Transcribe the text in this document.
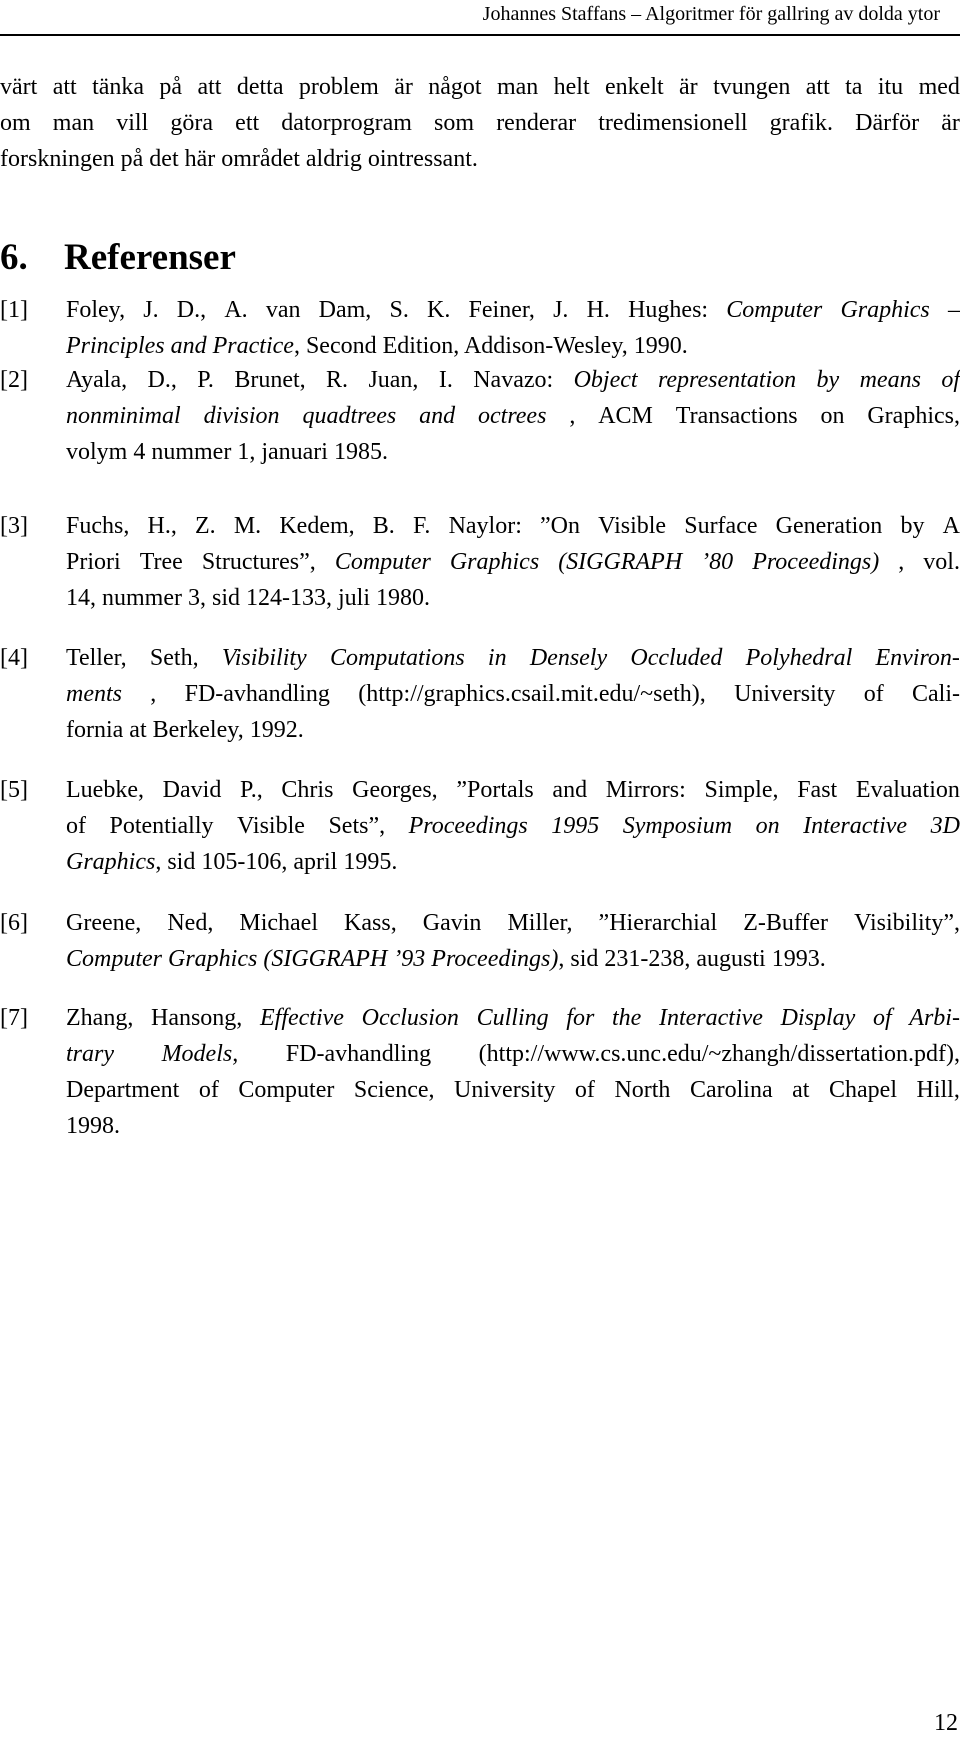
Johannes Staffans – Algoritmer för gallring av dolda ytor

värt att tänka på att detta problem är något man helt enkelt är tvungen att ta itu med
om man vill göra ett datorprogram som renderar tredimensionell grafik. Därför är
forskningen på det här området aldrig ointressant.

6. Referenser
[1] Foley, J. D., A. van Dam, S. K. Feiner, J. H. Hughes: Computer Graphics –
Principles and Practice, Second Edition, Addison-Wesley, 1990.
[2] Ayala, D., P. Brunet, R. Juan, I. Navazo: Object representation by means of
nonminimal division quadtrees and octrees , ACM Transactions on Graphics,
volym 4 nummer 1, januari 1985.
[3] Fuchs, H., Z. M. Kedem, B. F. Naylor: ”On Visible Surface Generation by A
Priori Tree Structures”, Computer Graphics (SIGGRAPH ’80 Proceedings) , vol.
14, nummer 3, sid 124-133, juli 1980.
[4] Teller, Seth, Visibility Computations in Densely Occluded Polyhedral Environ-
ments , FD-avhandling (http://graphics.csail.mit.edu/~seth), University of Cali-
fornia at Berkeley, 1992.
[5] Luebke, David P., Chris Georges, ”Portals and Mirrors: Simple, Fast Evaluation
of Potentially Visible Sets”, Proceedings 1995 Symposium on Interactive 3D
Graphics, sid 105-106, april 1995.
[6] Greene, Ned, Michael Kass, Gavin Miller, ”Hierarchial Z-Buffer Visibility”,
Computer Graphics (SIGGRAPH ’93 Proceedings), sid 231-238, augusti 1993.
[7] Zhang, Hansong, Effective Occlusion Culling for the Interactive Display of Arbi-
trary Models, FD-avhandling (http://www.cs.unc.edu/~zhangh/dissertation.pdf),
Department of Computer Science, University of North Carolina at Chapel Hill,
1998.
12
